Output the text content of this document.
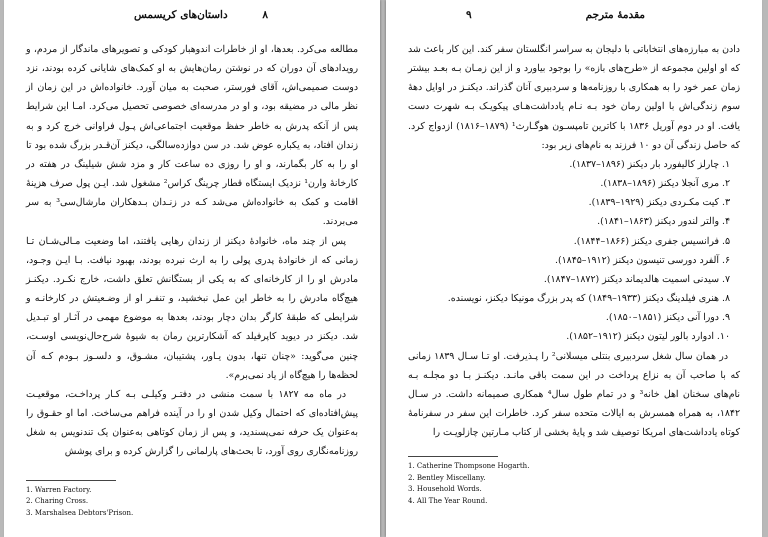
داستان‌های کریسمس	۸

مطالعه می‌کرد. بعدها، او از خاطرات اندوهبار کودکی و تصویرهای ماندگار از مردم، و رویدادهای آن دوران که در نوشتن رمان‌هایش به او کمک‌های شایانی کرده بودند، نزد دوست صمیمی‌اش، آقای فورستر، صحبت به میان آورد. خانواده‌اش در این زمان از نظر مالی در مضیقه بود، و او در مدرسه‌ای خصوصی تحصیل می‌کرد. امـا این شرایط پس از آنکه پدرش به خاطر حفظ موقعیت اجتماعی‌اش پـول فراوانی خرج کرد و به زندان افتاد، به یکباره عوض شد. در سن دوازده‌سالگی، دیکنز آن‌قـدر بزرگ شده بود تا او را به کار بگمارند، و او را روزی ده ساعت کار و مزد شش شیلینگ در هفته در کارخانهٔ وارن¹ نزدیک ایستگاه قطار چرینگ کراس² مشغول شد. ایـن پول صرف هزینهٔ اقامت و کمک به خانواده‌اش می‌شد کـه در زنـدان بـدهکاران مارشال‌سی³ به سر می‌بردند.

پس از چند ماه، خانوادهٔ دیکنز از زندان رهایی یافتند، اما وضعیت مـالی‌شـان تـا زمانی که از خانوادهٔ پدری پولی را به ارث نبرده بودند، بهبود نیافت. بـا ایـن وجـود، مادرش او را از کارخانه‌ای که به یکی از بستگانش تعلق داشت، خارج نکـرد. دیکنـز هیچ‌گاه مادرش را به خاطر این عمل نبخشید، و تنفـر او از وضـعیتش در کارخانـه و شرایطی که طبقهٔ کارگر بدان دچار بودند، بعدها به موضوع مهمی در آثـار او تبـدیل شد. دیکنز در دیوید کاپرفیلد که آشکارترین رمان به شیوهٔ شرح‌حال‌نویسی اوسـت، چنین می‌گوید: «چنان تنها، بدون یـاور، پشتیبان، مشـوق، و دلسـوز بـودم کـه آن لحظه‌ها را هیچ‌گاه از یاد نمی‌برم».

در ماه مه ۱۸۲۷ با سمت منشی در دفتـر وکیلـی بـه کـار پرداخـت، موقعیـت پیش‌افتاده‌ای که احتمال وکیل شدن او را در آینده فراهم می‌ساخت. اما او حقـوق را به‌عنوان یک حرفه نمی‌پسندید، و پس از زمان کوتاهی به‌عنوان یک تندنویس به شغل روزنامه‌نگاری روی آورد، تا بحث‌های پارلمانی را گزارش کرده و برای پوشش

1. Warren Factory.
2. Charing Cross.
3. Marshalsea Debtors'Prison.
مقدمهٔ مترجم
۹

دادن به مبارزه‌های انتخاباتی با دلیجان به سراسر انگلستان سفر کند. این کار باعث شد که او اولین مجموعه از «طرح‌های بازه» را بوجود بیاورد و از این زمـان بـه بعـد بیشتر زمان عمر خود را به همکاری با روزنامه‌ها و سردبیری آنان گذراند. دیکنـز در اوایل دههٔ سوم زندگی‌اش با اولین رمان خود بـه نـام یادداشت‌هـای پیکویـک بـه شهرت دست یافت. او در دوم آوریل ۱۸۳۶ با کاترین تامپسـون هوگـارث¹ (۱۸۷۹–۱۸۱۶) ازدواج کرد. که حاصل زندگی آن دو ۱۰ فرزند به نام‌های زیر بود:

۱. چارلز کالیفورد بار دیکنز (۱۸۹۶–۱۸۳۷).
۲. مری آنجلا دیکنز (۱۸۹۶–۱۸۳۸).
۳. کیت مکـردی دیکنز (۱۹۲۹–۱۸۳۹).
۴. والتر لندور دیکنز (۱۸۶۳–۱۸۴۱).
۵. فرانسیس جفری دیکنز (۱۸۶۶–۱۸۴۴).
۶. آلفرد دورسی تنیسون دیکنز (۱۹۱۲–۱۸۴۵).
۷. سیدنی اسمیت هالدیماند دیکنز (۱۸۷۲–۱۸۴۷).
۸. هنری فیلدینگ دیکنز (۱۹۳۳–۱۸۴۹) که پدر بزرگ مونیکا دیکنز، نویسنده.
۹. دورا آنی دیکنز (۱۸۵۱–۱۸۵۰).
۱۰. ادوارد بالور لیتون دیکنز (۱۹۱۲–۱۸۵۲).

در همان سال شغل سردبیری بنتلی میسلانی² را پـذیرفت. او تـا سـال ۱۸۳۹ زمانی که با صاحب آن به نزاع پرداخت در این سمت باقی مانـد. دیکنـز بـا دو مجلـه بـه نام‌های سخنان اهل خانه³ و در تمام طول سال⁴ همکاری صمیمانه داشت. در سـال ۱۸۴۲، به همراه همسرش به ایالات متحده سفر کرد. خاطرات این سفر در سفرنامهٔ کوتاه یادداشت‌های امریکا توصیف شد و پایهٔ بخشی از کتاب مـارتین چازلویـت را

1. Catherine Thompsone Hogarth.
2. Bentley Miscellany.
3. Household Words.
4. All The Year Round.
